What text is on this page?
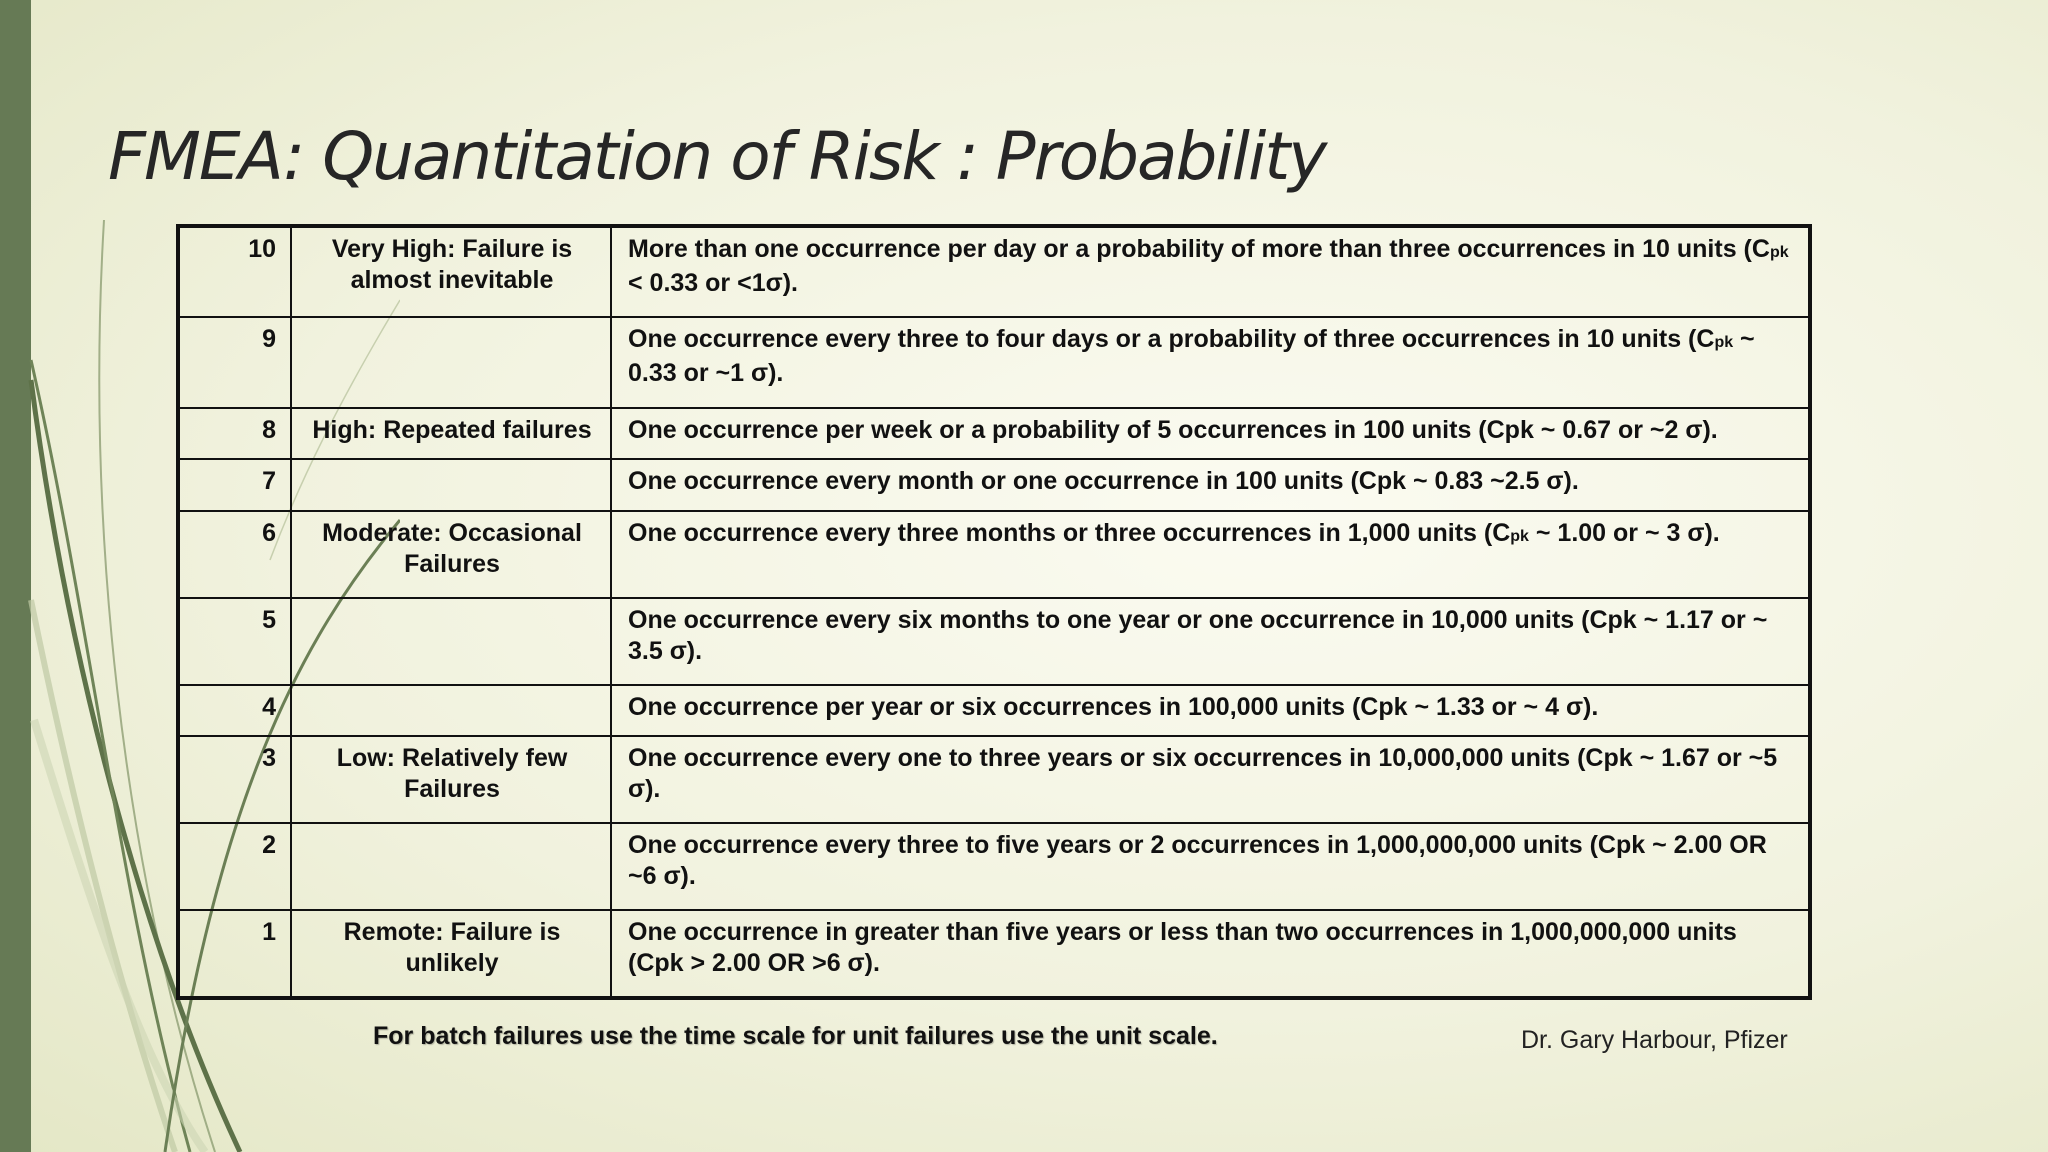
FMEA: Quantitation of Risk : Probability
10	Very High: Failure is almost inevitable	More than one occurrence per day or a probability of more than three occurrences in 10 units (Cpk < 0.33 or <1σ).
9		One occurrence every three to four days or a probability of three occurrences in 10 units (Cpk ~ 0.33 or ~1 σ).
8	High: Repeated failures	One occurrence per week or a probability of 5 occurrences in 100 units (Cpk ~ 0.67 or ~2 σ).
7		One occurrence every month or one occurrence in 100 units (Cpk ~ 0.83 ~2.5 σ).
6	Moderate: Occasional Failures	One occurrence every three months or three occurrences in 1,000 units (Cpk ~ 1.00 or ~ 3 σ).
5		One occurrence every six months to one year or one occurrence in 10,000 units (Cpk ~ 1.17 or ~ 3.5 σ).
4		One occurrence per year or six occurrences in 100,000 units (Cpk ~ 1.33 or ~ 4 σ).
3	Low: Relatively few Failures	One occurrence every one to three years or six occurrences in 10,000,000 units (Cpk ~ 1.67 or ~5 σ).
2		One occurrence every three to five years or 2 occurrences in 1,000,000,000 units (Cpk ~ 2.00 OR ~6 σ).
1	Remote: Failure is unlikely	One occurrence in greater than five years or less than two occurrences in 1,000,000,000 units (Cpk > 2.00 OR >6 σ).
For batch failures use the time scale for unit failures use the unit scale.	Dr. Gary Harbour, Pfizer
